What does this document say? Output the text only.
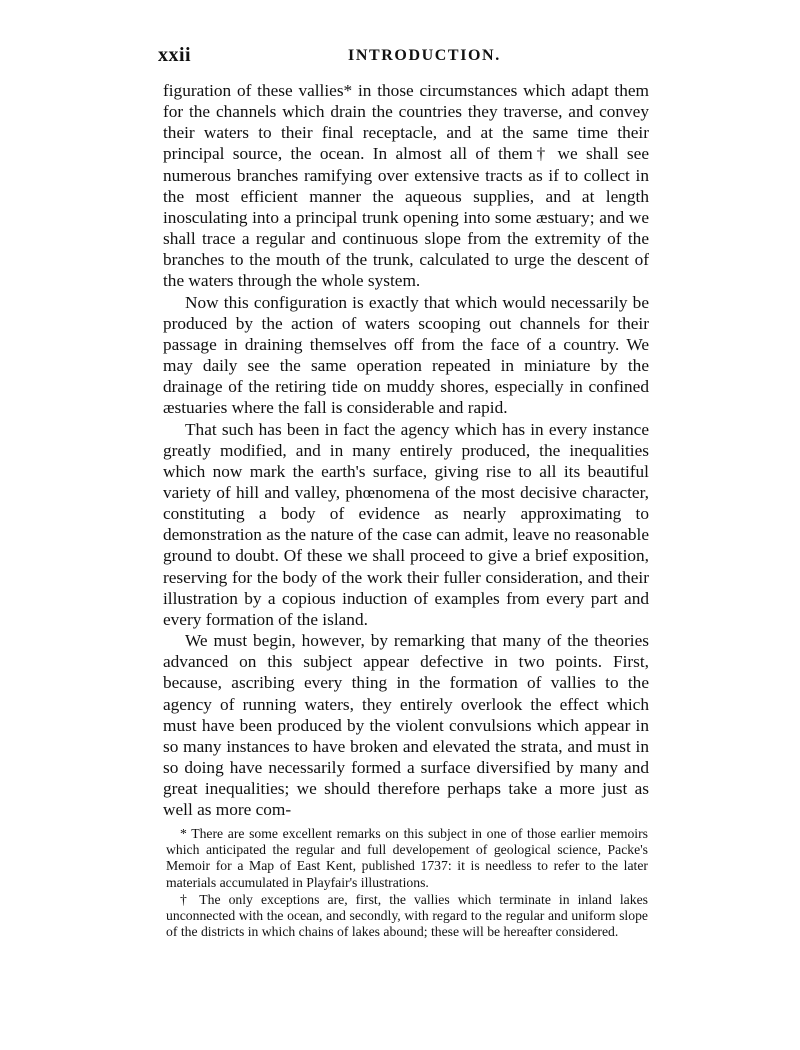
xxii	INTRODUCTION.

figuration of these vallies* in those circumstances which adapt them for the channels which drain the countries they traverse, and convey their waters to their final receptacle, and at the same time their principal source, the ocean. In almost all of them† we shall see numerous branches ramifying over extensive tracts as if to collect in the most efficient manner the aqueous supplies, and at length inosculating into a principal trunk opening into some æstuary; and we shall trace a regular and continuous slope from the extremity of the branches to the mouth of the trunk, calculated to urge the descent of the waters through the whole system.

Now this configuration is exactly that which would necessarily be produced by the action of waters scooping out channels for their passage in draining themselves off from the face of a country. We may daily see the same operation repeated in miniature by the drainage of the retiring tide on muddy shores, especially in confined æstuaries where the fall is considerable and rapid.

That such has been in fact the agency which has in every instance greatly modified, and in many entirely produced, the inequalities which now mark the earth's surface, giving rise to all its beautiful variety of hill and valley, phœnomena of the most decisive character, constituting a body of evidence as nearly approximating to demonstration as the nature of the case can admit, leave no reasonable ground to doubt. Of these we shall proceed to give a brief exposition, reserving for the body of the work their fuller consideration, and their illustration by a copious induction of examples from every part and every formation of the island.

We must begin, however, by remarking that many of the theories advanced on this subject appear defective in two points. First, because, ascribing every thing in the formation of vallies to the agency of running waters, they entirely overlook the effect which must have been produced by the violent convulsions which appear in so many instances to have broken and elevated the strata, and must in so doing have necessarily formed a surface diversified by many and great inequalities; we should therefore perhaps take a more just as well as more com-

* There are some excellent remarks on this subject in one of those earlier memoirs which anticipated the regular and full developement of geological science, Packe's Memoir for a Map of East Kent, published 1737: it is needless to refer to the later materials accumulated in Playfair's illustrations.

† The only exceptions are, first, the vallies which terminate in inland lakes unconnected with the ocean, and secondly, with regard to the regular and uniform slope of the districts in which chains of lakes abound; these will be hereafter considered.
